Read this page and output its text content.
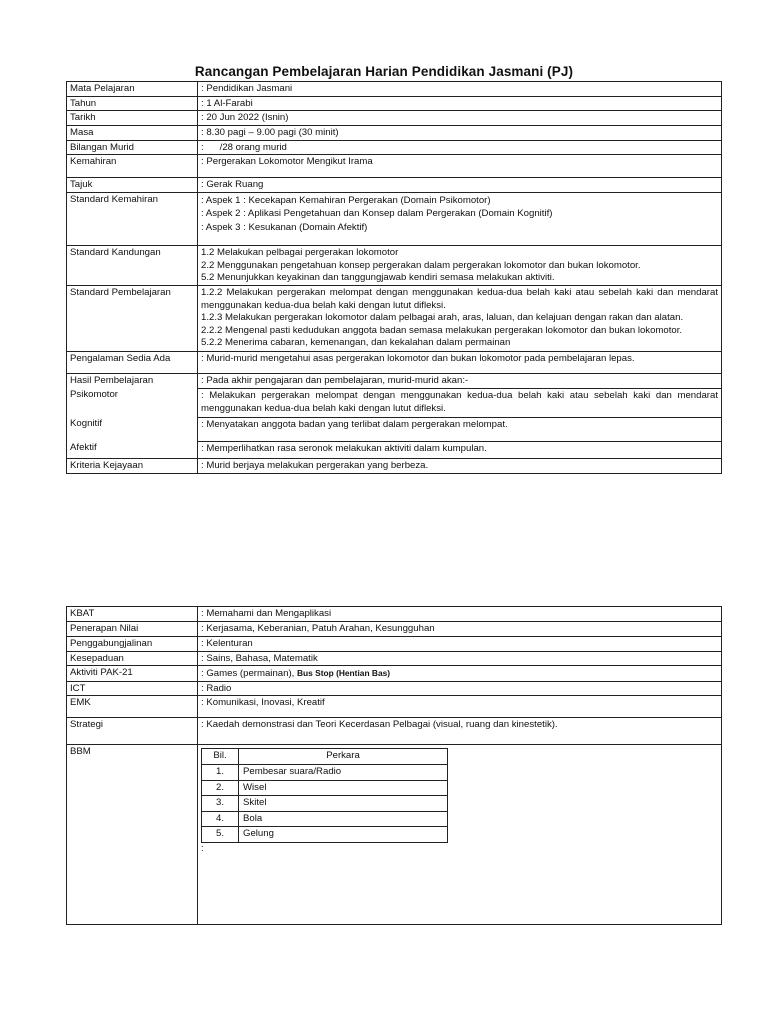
Rancangan Pembelajaran Harian Pendidikan Jasmani (PJ)
Mata Pelajaran	: Pendidikan Jasmani
Tahun	: 1 Al-Farabi
Tarikh	: 20 Jun 2022 (Isnin)
Masa	: 8.30 pagi – 9.00 pagi (30 minit)
Bilangan Murid	:      /28 orang murid
Kemahiran	: Pergerakan Lokomotor Mengikut Irama
Tajuk	: Gerak Ruang
Standard Kemahiran	: Aspek 1 : Kecekapan Kemahiran Pergerakan (Domain Psikomotor)
: Aspek 2 : Aplikasi Pengetahuan dan Konsep dalam Pergerakan (Domain Kognitif)
: Aspek 3 : Kesukanan (Domain Afektif)

Standard Kandungan	1.2 Melakukan pelbagai pergerakan lokomotor
2.2 Menggunakan pengetahuan konsep pergerakan dalam pergerakan lokomotor dan bukan lokomotor.
5.2 Menunjukkan keyakinan dan tanggungjawab kendiri semasa melakukan aktiviti.

Standard Pembelajaran	1.2.2 Melakukan pergerakan melompat dengan menggunakan kedua-dua belah kaki atau sebelah kaki dan mendarat menggunakan kedua-dua belah kaki dengan lutut difleksi.
1.2.3 Melakukan pergerakan lokomotor dalam pelbagai arah, aras, laluan, dan kelajuan dengan rakan dan alatan.
2.2.2 Mengenal pasti kedudukan anggota badan semasa melakukan pergerakan lokomotor dan bukan lokomotor.
5.2.2 Menerima cabaran, kemenangan, dan kekalahan dalam permainan

Pengalaman Sedia Ada	: Murid-murid mengetahui asas pergerakan lokomotor dan bukan lokomotor pada pembelajaran lepas.
Hasil Pembelajaran	: Pada akhir pengajaran dan pembelajaran, murid-murid akan:-
Psikomotor	: Melakukan pergerakan melompat dengan menggunakan kedua-dua belah kaki atau sebelah kaki dan mendarat menggunakan kedua-dua belah kaki dengan lutut difleksi.
Kognitif	: Menyatakan anggota badan yang terlibat dalam pergerakan melompat.
Afektif	: Memperlihatkan rasa seronok melakukan aktiviti dalam kumpulan.
Kriteria Kejayaan	: Murid berjaya melakukan pergerakan yang berbeza.
KBAT	: Memahami dan Mengaplikasi
Penerapan Nilai	: Kerjasama, Keberanian, Patuh Arahan, Kesungguhan
Penggabungjalinan	: Kelenturan
Kesepaduan	: Sains, Bahasa, Matematik
Aktiviti PAK-21	: Games (permainan), Bus Stop (Hentian Bas)
ICT	: Radio
EMK	: Komunikasi, Inovasi, Kreatif
Strategi	: Kaedah demonstrasi dan Teori Kecerdasan Pelbagai (visual, ruang dan kinestetik).
BBM		Bil.	Perkara
1.	Pembesar suara/Radio
2.	Wisel
3.	Skitel
4.	Bola
5.	Gelung
:
